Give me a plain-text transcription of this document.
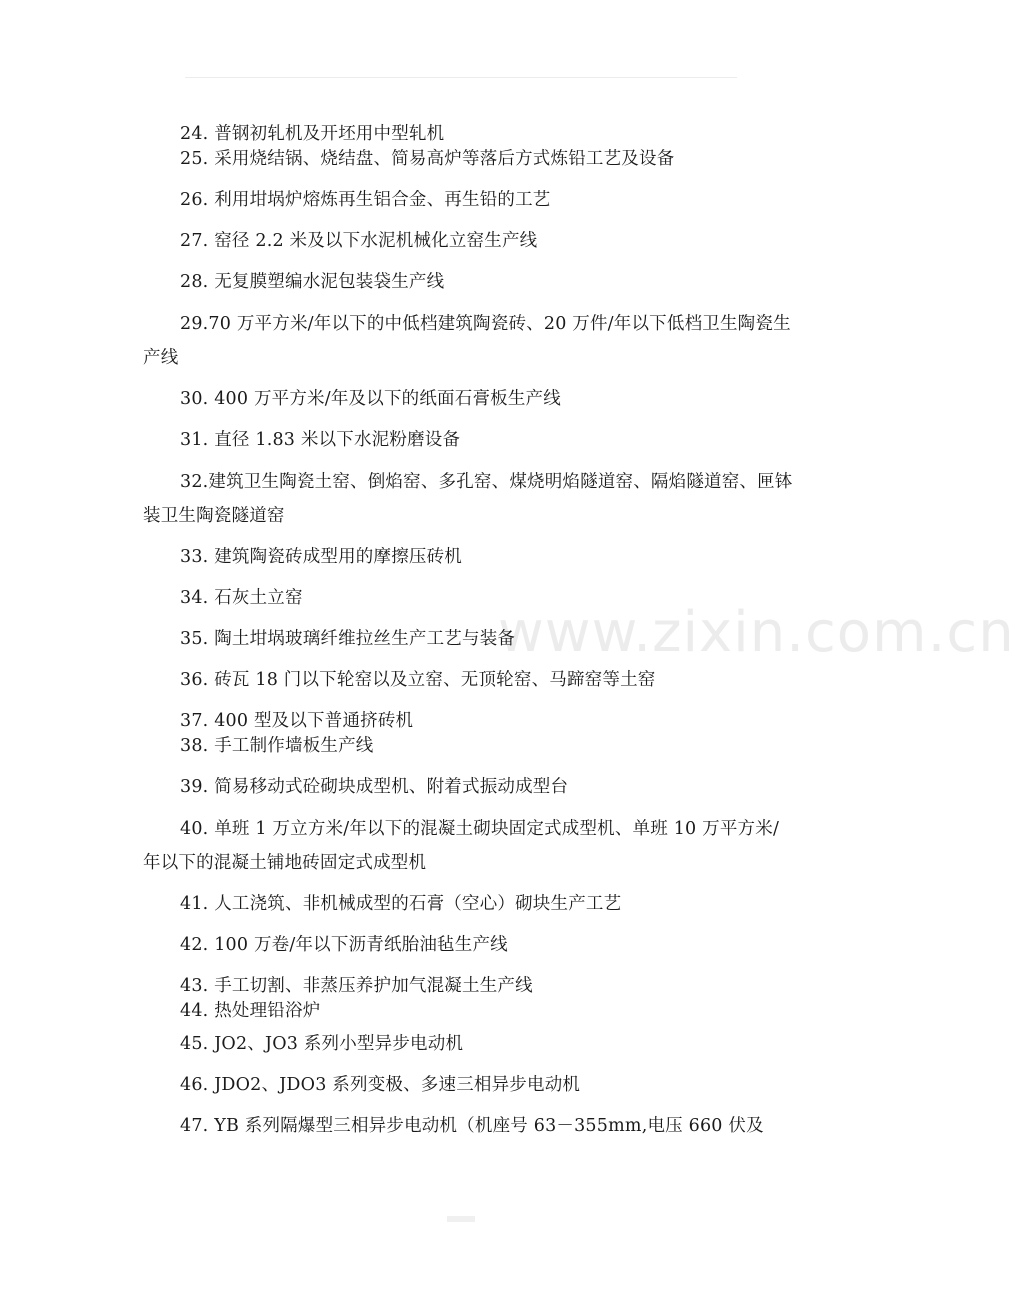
www.zixin.com.cn
24. 普钢初轧机及开坯用中型轧机
25. 采用烧结锅、烧结盘、简易高炉等落后方式炼铅工艺及设备
26. 利用坩埚炉熔炼再生铝合金、再生铅的工艺
27. 窑径 2.2 米及以下水泥机械化立窑生产线
28. 无复膜塑编水泥包装袋生产线
29.70 万平方米/年以下的中低档建筑陶瓷砖、20 万件/年以下低档卫生陶瓷生产线
30. 400 万平方米/年及以下的纸面石膏板生产线
31. 直径 1.83 米以下水泥粉磨设备
32.建筑卫生陶瓷土窑、倒焰窑、多孔窑、煤烧明焰隧道窑、隔焰隧道窑、匣钵装卫生陶瓷隧道窑
33. 建筑陶瓷砖成型用的摩擦压砖机
34. 石灰土立窑
35. 陶土坩埚玻璃纤维拉丝生产工艺与装备
36. 砖瓦 18 门以下轮窑以及立窑、无顶轮窑、马蹄窑等土窑
37. 400 型及以下普通挤砖机
38. 手工制作墙板生产线
39. 简易移动式砼砌块成型机、附着式振动成型台
40. 单班 1 万立方米/年以下的混凝土砌块固定式成型机、单班 10 万平方米/年以下的混凝土铺地砖固定式成型机
41. 人工浇筑、非机械成型的石膏（空心）砌块生产工艺
42. 100 万卷/年以下沥青纸胎油毡生产线
43. 手工切割、非蒸压养护加气混凝土生产线
44. 热处理铅浴炉
45. JO2、JO3 系列小型异步电动机
46. JDO2、JDO3 系列变极、多速三相异步电动机
47. YB 系列隔爆型三相异步电动机（机座号 63－355mm,电压 660 伏及
